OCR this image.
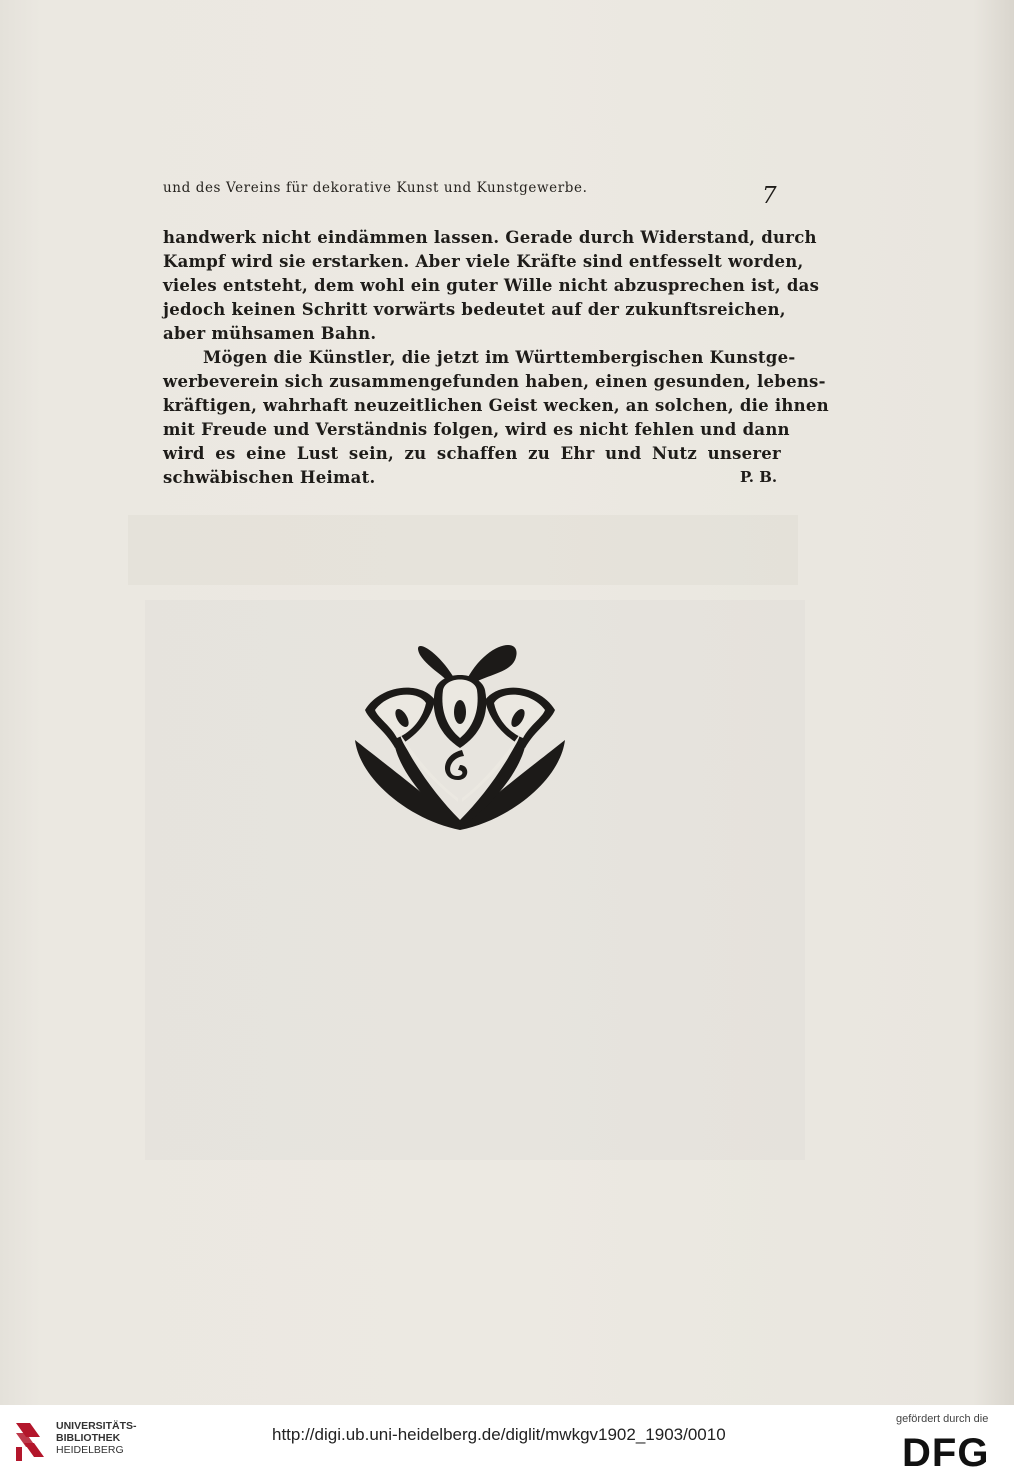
und des Vereins für dekorative Kunst und Kunstgewerbe.	7
handwerk nicht eindämmen lassen. Gerade durch Widerstand, durch
Kampf wird sie erstarken. Aber viele Kräfte sind entfesselt worden,
vieles entsteht, dem wohl ein guter Wille nicht abzusprechen ist, das
jedoch keinen Schritt vorwärts bedeutet auf der zukunftsreichen,
aber mühsamen Bahn.
Mögen die Künstler, die jetzt im Württembergischen Kunstge-
werbeverein sich zusammengefunden haben, einen gesunden, lebens-
kräftigen, wahrhaft neuzeitlichen Geist wecken, an solchen, die ihnen
mit Freude und Verständnis folgen, wird es nicht fehlen und dann
wird es eine Lust sein, zu schaffen zu Ehr und Nutz unserer
schwäbischen Heimat.	P. B.
UNIVERSITÄTS-
BIBLIOTHEK
HEIDELBERG
http://digi.ub.uni-heidelberg.de/diglit/mwkgv1902_1903/0010
gefördert durch die
DFG
